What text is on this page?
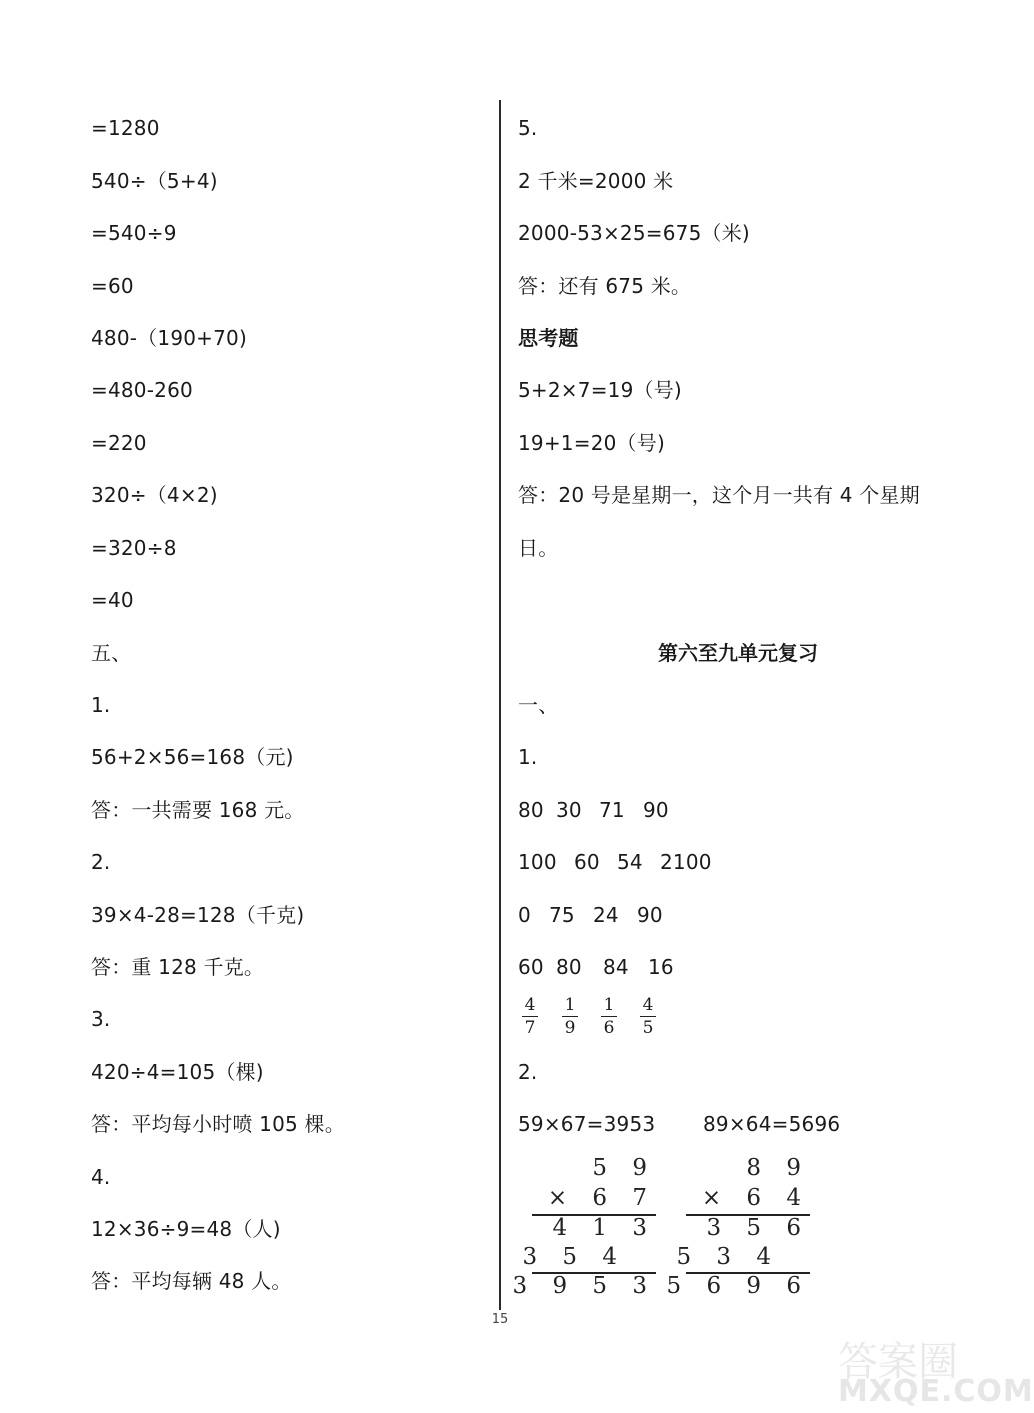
=1280
540÷（5+4)
=540÷9
=60
480-（190+70)
=480-260
=220
320÷（4×2)
=320÷8
=40
五、
1.
56+2×56=168（元)
答：一共需要 168 元。
2.
39×4-28=128（千克)
答：重 128 千克。
3.
420÷4=105（棵)
答：平均每小时喷 105 棵。
4.
12×36÷9=48（人)
答：平均每辆 48 人。
5.
2 千米=2000 米
2000-53×25=675（米)
答：还有 675 米。
思考题
5+2×7=19（号)
19+1=20（号)
答：20 号是星期一，这个月一共有 4 个星期
日。
第六至九单元复习
一、
1.
80 30 71 90
100 60 54 2100
0 75 24 90
60 80 84 16
4
7
1
9
1
6
4
5
2.
59×67=3953 89×64=5696
5 9
× 6 7
4 1 3
3 5 4
3 9 5 3
8 9
× 6 4
3 5 6
5 3 4
5 6 9 6
15
答案圈
MXQE.COM
